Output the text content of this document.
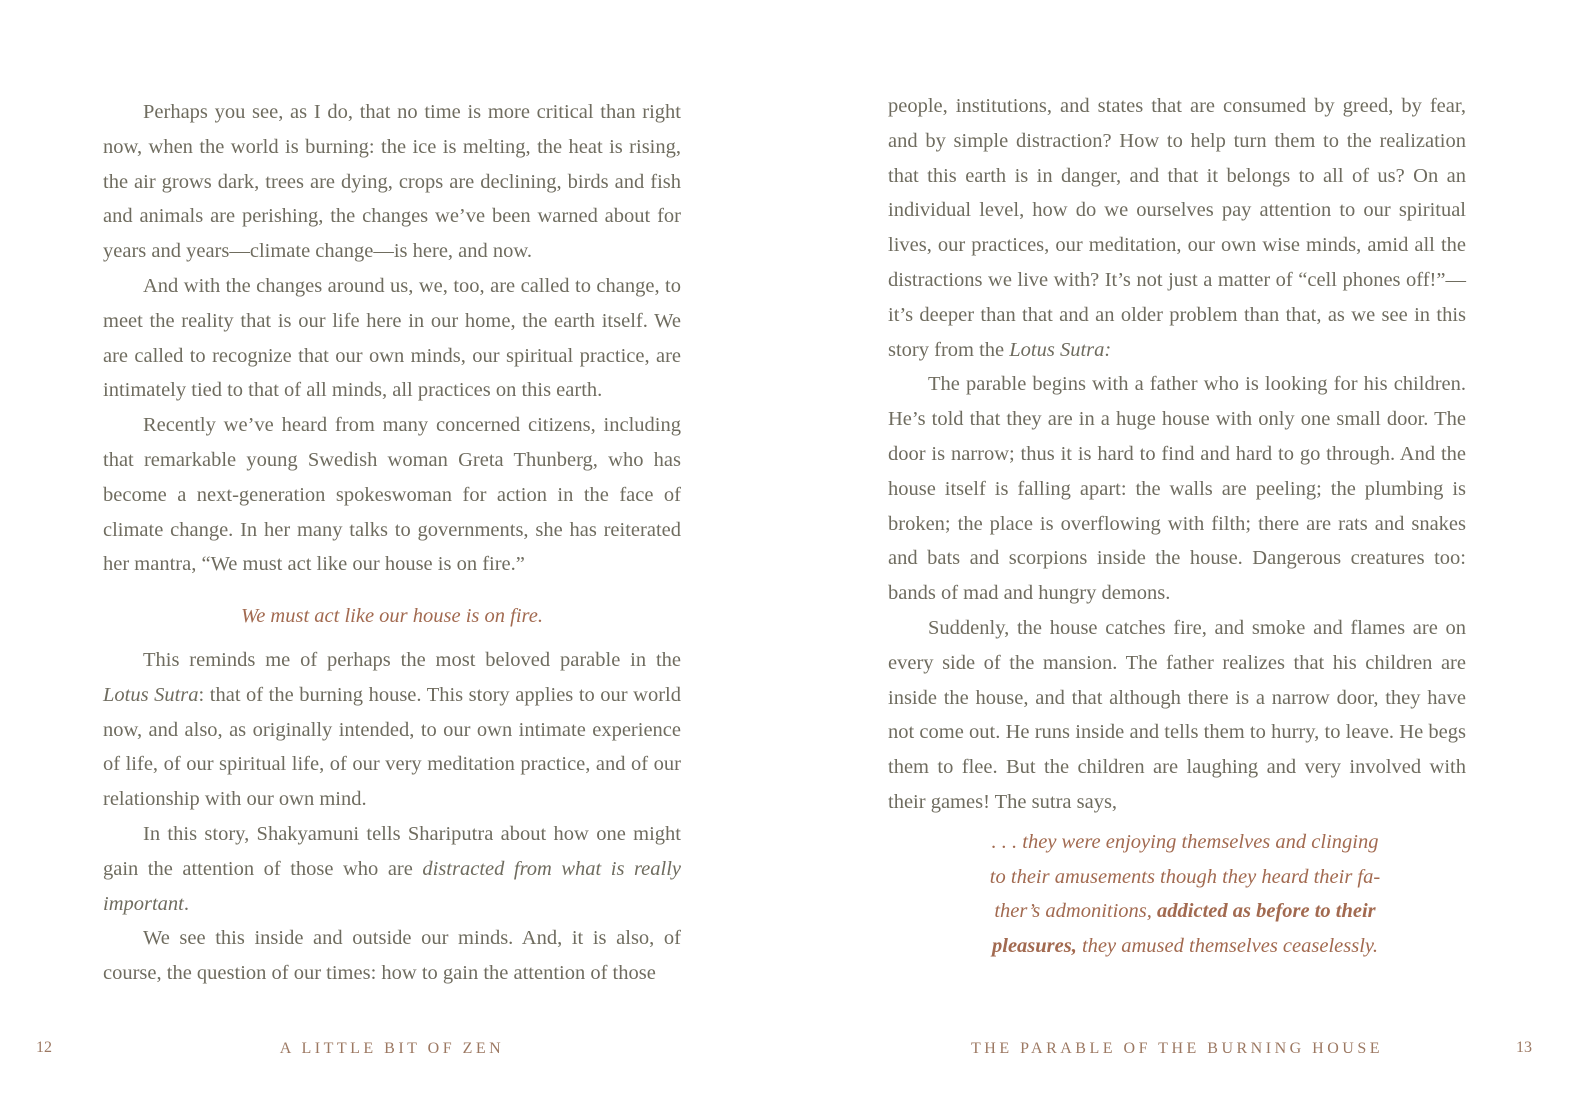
Perhaps you see, as I do, that no time is more critical than right now, when the world is burning: the ice is melting, the heat is rising, the air grows dark, trees are dying, crops are declining, birds and fish and animals are perishing, the changes we’ve been warned about for years and years—climate change—is here, and now.

And with the changes around us, we, too, are called to change, to meet the reality that is our life here in our home, the earth itself. We are called to recognize that our own minds, our spiritual practice, are intimately tied to that of all minds, all practices on this earth.

Recently we’ve heard from many concerned citizens, including that remarkable young Swedish woman Greta Thunberg, who has become a next-generation spokeswoman for action in the face of climate change. In her many talks to governments, she has reiterated her mantra, “We must act like our house is on fire.”

We must act like our house is on fire.

This reminds me of perhaps the most beloved parable in the Lotus Sutra: that of the burning house. This story applies to our world now, and also, as originally intended, to our own intimate experience of life, of our spiritual life, of our very meditation practice, and of our relationship with our own mind.

In this story, Shakyamuni tells Shariputra about how one might gain the attention of those who are distracted from what is really important.

We see this inside and outside our minds. And, it is also, of course, the question of our times: how to gain the attention of those

people, institutions, and states that are consumed by greed, by fear, and by simple distraction? How to help turn them to the realization that this earth is in danger, and that it belongs to all of us? On an individual level, how do we ourselves pay attention to our spiritual lives, our practices, our meditation, our own wise minds, amid all the distractions we live with? It’s not just a matter of “cell phones off!”—it’s deeper than that and an older problem than that, as we see in this story from the Lotus Sutra:

The parable begins with a father who is looking for his children. He’s told that they are in a huge house with only one small door. The door is narrow; thus it is hard to find and hard to go through. And the house itself is falling apart: the walls are peeling; the plumbing is broken; the place is overflowing with filth; there are rats and snakes and bats and scorpions inside the house. Dangerous creatures too: bands of mad and hungry demons.

Suddenly, the house catches fire, and smoke and flames are on every side of the mansion. The father realizes that his children are inside the house, and that although there is a narrow door, they have not come out. He runs inside and tells them to hurry, to leave. He begs them to flee. But the children are laughing and very involved with their games! The sutra says,

. . . they were enjoying themselves and clinging
to their amusements though they heard their fa-
ther’s admonitions, addicted as before to their
pleasures, they amused themselves ceaselessly.
12	A LITTLE BIT OF ZEN	THE PARABLE OF THE BURNING HOUSE	13
